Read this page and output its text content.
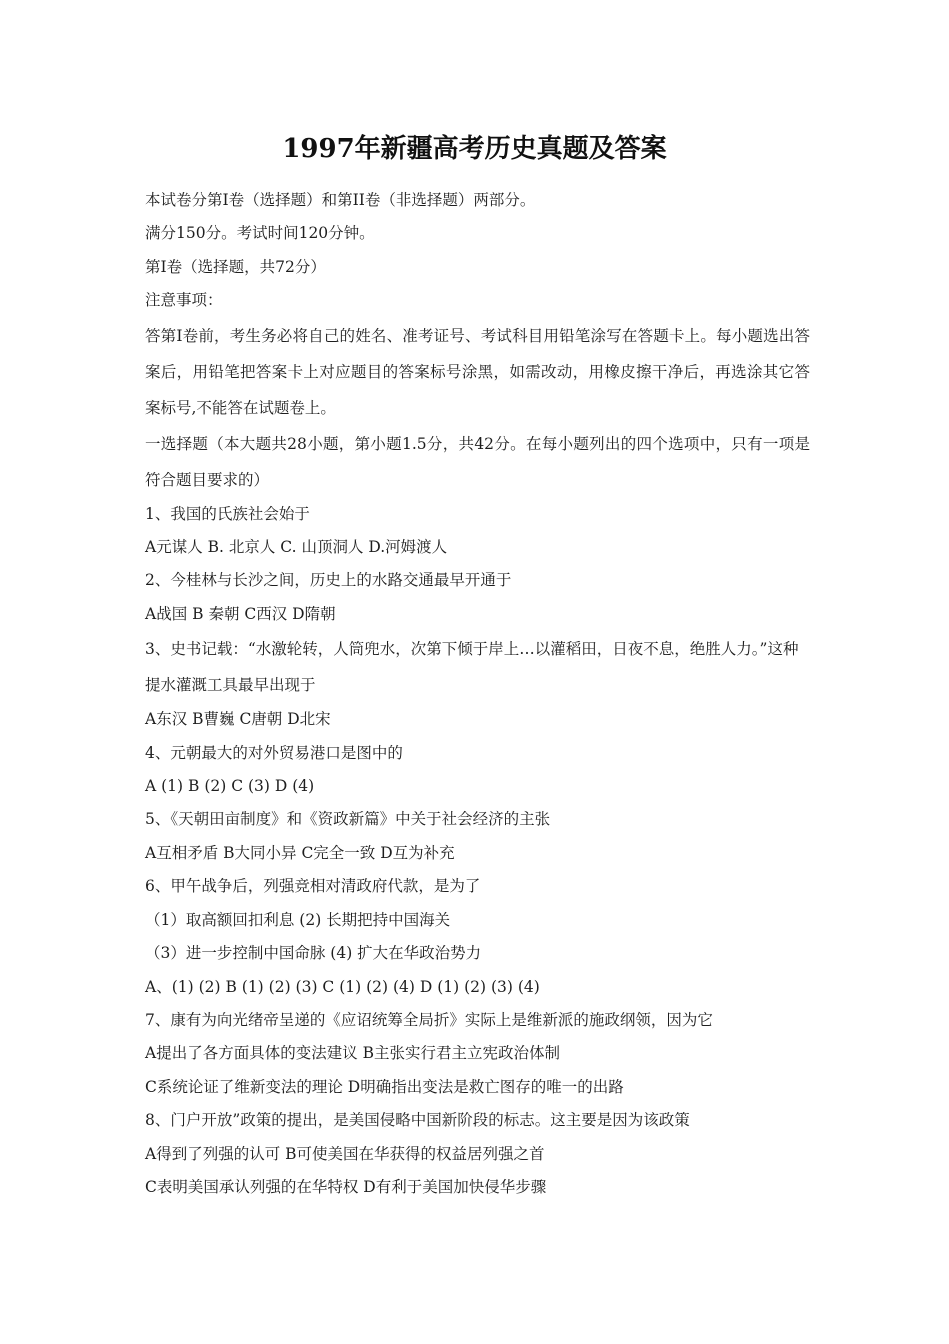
1997年新疆高考历史真题及答案
本试卷分第I卷（选择题）和第II卷（非选择题）两部分。
满分150分。考试时间120分钟。
第I卷（选择题，共72分）
注意事项：
答第I卷前，考生务必将自己的姓名、准考证号、考试科目用铅笔涂写在答题卡上。每小题选出答案后，用铅笔把答案卡上对应题目的答案标号涂黑，如需改动，用橡皮擦干净后，再选涂其它答案标号,不能答在试题卷上。
一选择题（本大题共28小题，第小题1.5分，共42分。在每小题列出的四个选项中，只有一项是符合题目要求的）
1、我国的氏族社会始于
A元谋人 B. 北京人 C. 山顶洞人 D.河姆渡人
2、今桂林与长沙之间，历史上的水路交通最早开通于
A战国 B 秦朝 C西汉 D隋朝
3、史书记载：“水激轮转，人筒兜水，次第下倾于岸上…以灌稻田，日夜不息，绝胜人力。”这种提水灌溉工具最早出现于
A东汉 B曹巍 C唐朝 D北宋
4、元朝最大的对外贸易港口是图中的
A (1) B (2) C (3) D (4)
5、《天朝田亩制度》和《资政新篇》中关于社会经济的主张
A互相矛盾 B大同小异 C完全一致 D互为补充
6、甲午战争后，列强竞相对清政府代款，是为了
（1）取高额回扣利息 (2) 长期把持中国海关
（3）进一步控制中国命脉 (4) 扩大在华政治势力
A、(1) (2) B (1) (2) (3) C (1) (2) (4) D (1) (2) (3) (4)
7、康有为向光绪帝呈递的《应诏统筹全局折》实际上是维新派的施政纲领，因为它
A提出了各方面具体的变法建议 B主张实行君主立宪政治体制
C系统论证了维新变法的理论 D明确指出变法是救亡图存的唯一的出路
8、门户开放”政策的提出，是美国侵略中国新阶段的标志。这主要是因为该政策
A得到了列强的认可 B可使美国在华获得的权益居列强之首
C表明美国承认列强的在华特权 D有利于美国加快侵华步骤
